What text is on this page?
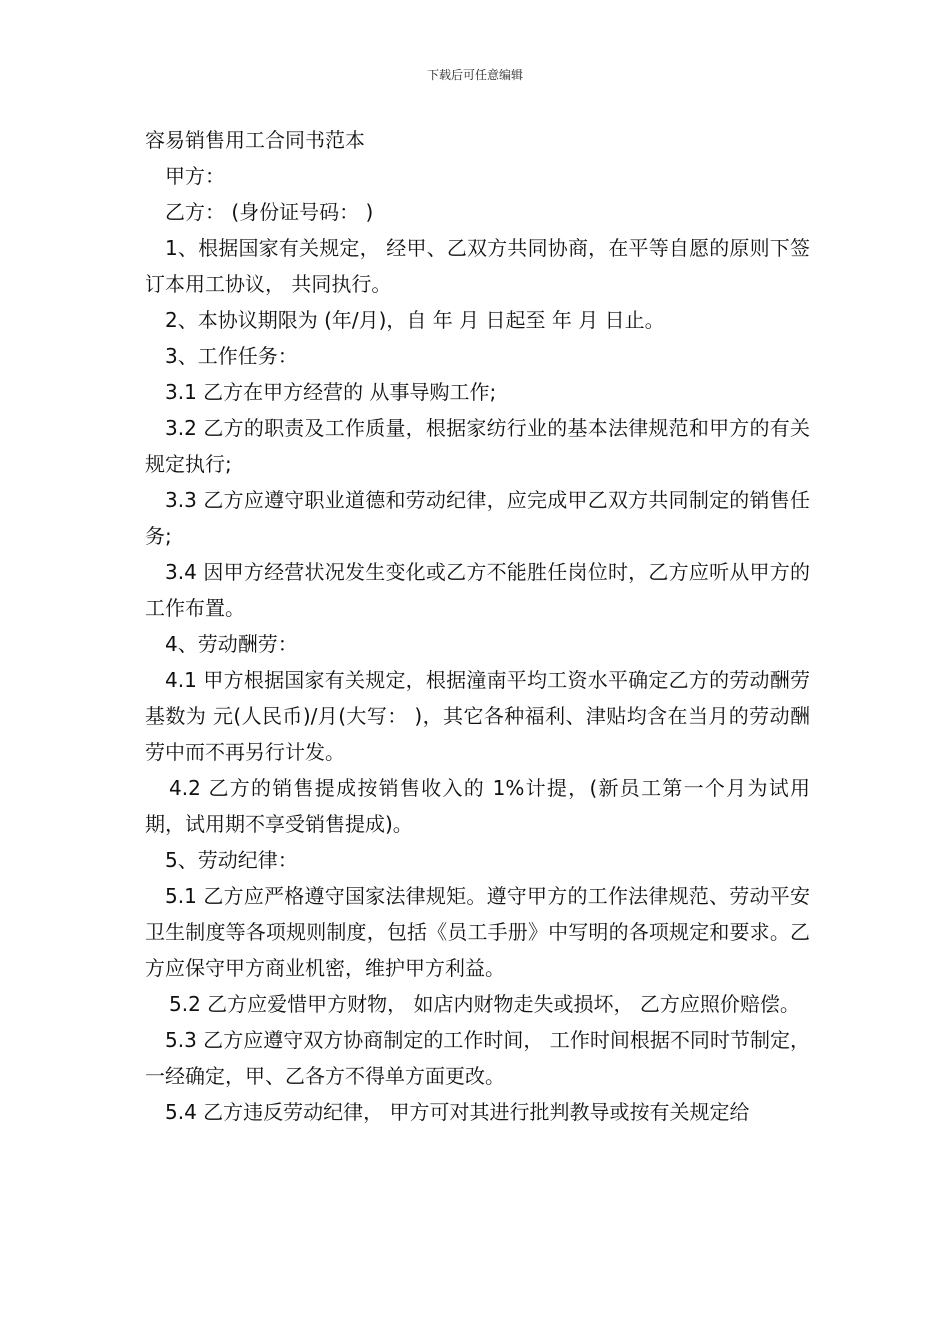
下载后可任意编辑

容易销售用工合同书范本

甲方：

乙方： (身份证号码： )

1、根据国家有关规定， 经甲、乙双方共同协商，在平等自愿的原则下签订本用工协议， 共同执行。

2、本协议期限为 (年/月)，自 年 月 日起至 年 月 日止。

3、工作任务：

3.1 乙方在甲方经营的 从事导购工作;

3.2 乙方的职责及工作质量，根据家纺行业的基本法律规范和甲方的有关规定执行;

3.3 乙方应遵守职业道德和劳动纪律，应完成甲乙双方共同制定的销售任务;

3.4 因甲方经营状况发生变化或乙方不能胜任岗位时，乙方应听从甲方的工作布置。

4、劳动酬劳：

4.1 甲方根据国家有关规定，根据潼南平均工资水平确定乙方的劳动酬劳基数为 元(人民币)/月(大写： )，其它各种福利、津贴均含在当月的劳动酬劳中而不再另行计发。

4.2 乙方的销售提成按销售收入的 1%计提，(新员工第一个月为试用期，试用期不享受销售提成)。

5、劳动纪律：

5.1 乙方应严格遵守国家法律规矩。遵守甲方的工作法律规范、劳动平安卫生制度等各项规则制度，包括《员工手册》中写明的各项规定和要求。乙方应保守甲方商业机密，维护甲方利益。

5.2 乙方应爱惜甲方财物， 如店内财物走失或损坏， 乙方应照价赔偿。

5.3 乙方应遵守双方协商制定的工作时间， 工作时间根据不同时节制定，一经确定，甲、乙各方不得单方面更改。

5.4 乙方违反劳动纪律， 甲方可对其进行批判教导或按有关规定给
